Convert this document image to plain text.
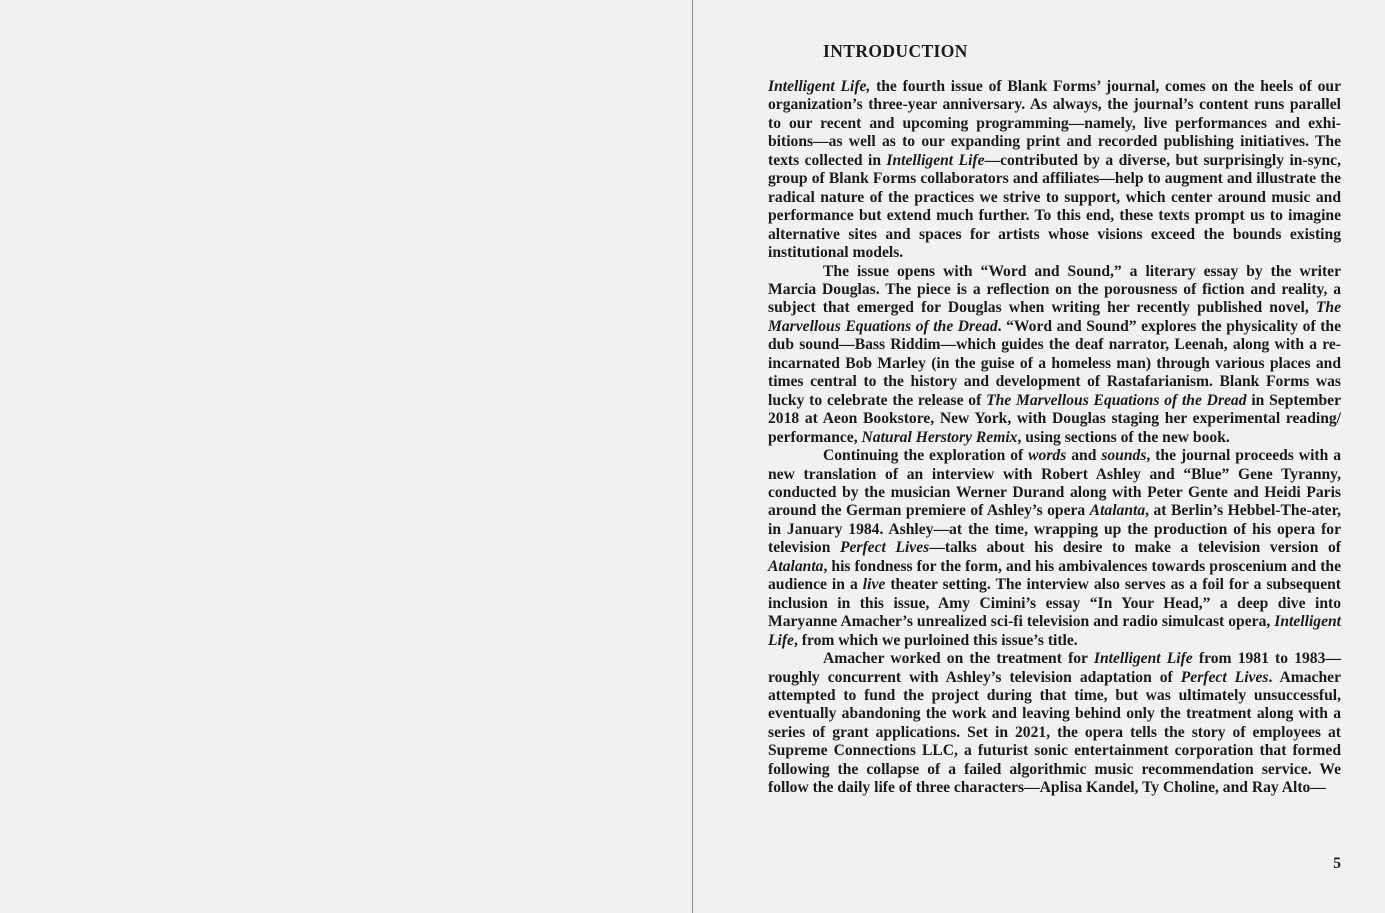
INTRODUCTION

Intelligent Life, the fourth issue of Blank Forms’ journal, comes on the heels of our organization’s three-year anniversary. As always, the journal’s content runs parallel to our recent and upcoming programming—namely, live performances and exhi-bitions—as well as to our expanding print and recorded publishing initiatives. The texts collected in Intelligent Life—contributed by a diverse, but surprisingly in-sync, group of Blank Forms collaborators and affiliates—help to augment and illustrate the radical nature of the practices we strive to support, which center around music and performance but extend much further. To this end, these texts prompt us to imagine alternative sites and spaces for artists whose visions exceed the bounds existing institutional models.

The issue opens with “Word and Sound,” a literary essay by the writer Marcia Douglas. The piece is a reflection on the porousness of fiction and reality, a subject that emerged for Douglas when writing her recently published novel, The Marvellous Equations of the Dread. “Word and Sound” explores the physicality of the dub sound—Bass Riddim—which guides the deaf narrator, Leenah, along with a re-incarnated Bob Marley (in the guise of a homeless man) through various places and times central to the history and development of Rastafarianism. Blank Forms was lucky to celebrate the release of The Marvellous Equations of the Dread in September 2018 at Aeon Bookstore, New York, with Douglas staging her experimental reading/ performance, Natural Herstory Remix, using sections of the new book.

Continuing the exploration of words and sounds, the journal proceeds with a new translation of an interview with Robert Ashley and “Blue” Gene Tyranny, conducted by the musician Werner Durand along with Peter Gente and Heidi Paris around the German premiere of Ashley’s opera Atalanta, at Berlin’s Hebbel-The-ater, in January 1984. Ashley—at the time, wrapping up the production of his opera for television Perfect Lives—talks about his desire to make a television version of Atalanta, his fondness for the form, and his ambivalences towards proscenium and the audience in a live theater setting. The interview also serves as a foil for a subsequent inclusion in this issue, Amy Cimini’s essay “In Your Head,” a deep dive into Maryanne Amacher’s unrealized sci-fi television and radio simulcast opera, Intelligent Life, from which we purloined this issue’s title.

Amacher worked on the treatment for Intelligent Life from 1981 to 1983—roughly concurrent with Ashley’s television adaptation of Perfect Lives. Amacher attempted to fund the project during that time, but was ultimately unsuccessful, eventually abandoning the work and leaving behind only the treatment along with a series of grant applications. Set in 2021, the opera tells the story of employees at Supreme Connections LLC, a futurist sonic entertainment corporation that formed following the collapse of a failed algorithmic music recommendation service. We follow the daily life of three characters—Aplisa Kandel, Ty Choline, and Ray Alto—

5
